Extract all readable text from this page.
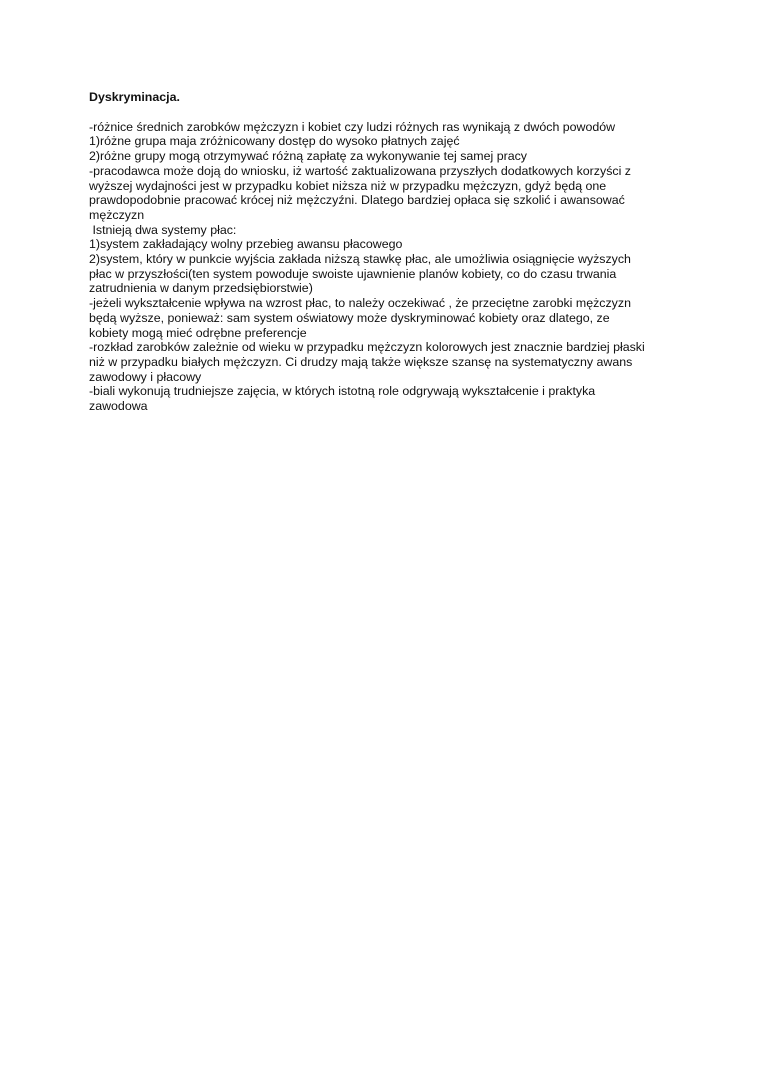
Dyskryminacja.

-różnice średnich zarobków mężczyzn i kobiet czy ludzi różnych ras wynikają z dwóch powodów

1)różne grupa maja zróżnicowany dostęp do wysoko płatnych zajęć

2)różne grupy mogą otrzymywać różną zapłatę za wykonywanie tej samej pracy

-pracodawca może doją do wniosku, iż wartość zaktualizowana przyszłych dodatkowych korzyści z

wyższej wydajności jest w przypadku kobiet niższa niż w przypadku mężczyzn, gdyż będą one

prawdopodobnie pracować krócej niż mężczyźni. Dlatego bardziej opłaca się szkolić i awansować

mężczyzn

Istnieją dwa systemy płac:

1)system zakładający wolny przebieg awansu płacowego

2)system, który w punkcie wyjścia zakłada niższą stawkę płac, ale umożliwia osiągnięcie wyższych

płac w przyszłości(ten system powoduje swoiste ujawnienie planów kobiety, co do czasu trwania

zatrudnienia w danym przedsiębiorstwie)

-jeżeli wykształcenie wpływa na wzrost płac, to należy oczekiwać , że przeciętne zarobki mężczyzn

będą wyższe, ponieważ: sam system oświatowy może dyskryminować kobiety oraz dlatego, ze

kobiety mogą mieć odrębne preferencje

-rozkład zarobków zależnie od wieku w przypadku mężczyzn kolorowych jest znacznie bardziej płaski

niż w przypadku białych mężczyzn. Ci drudzy mają także większe szansę na systematyczny awans

zawodowy i płacowy

-biali wykonują trudniejsze zajęcia, w których istotną role odgrywają wykształcenie i praktyka

zawodowa
